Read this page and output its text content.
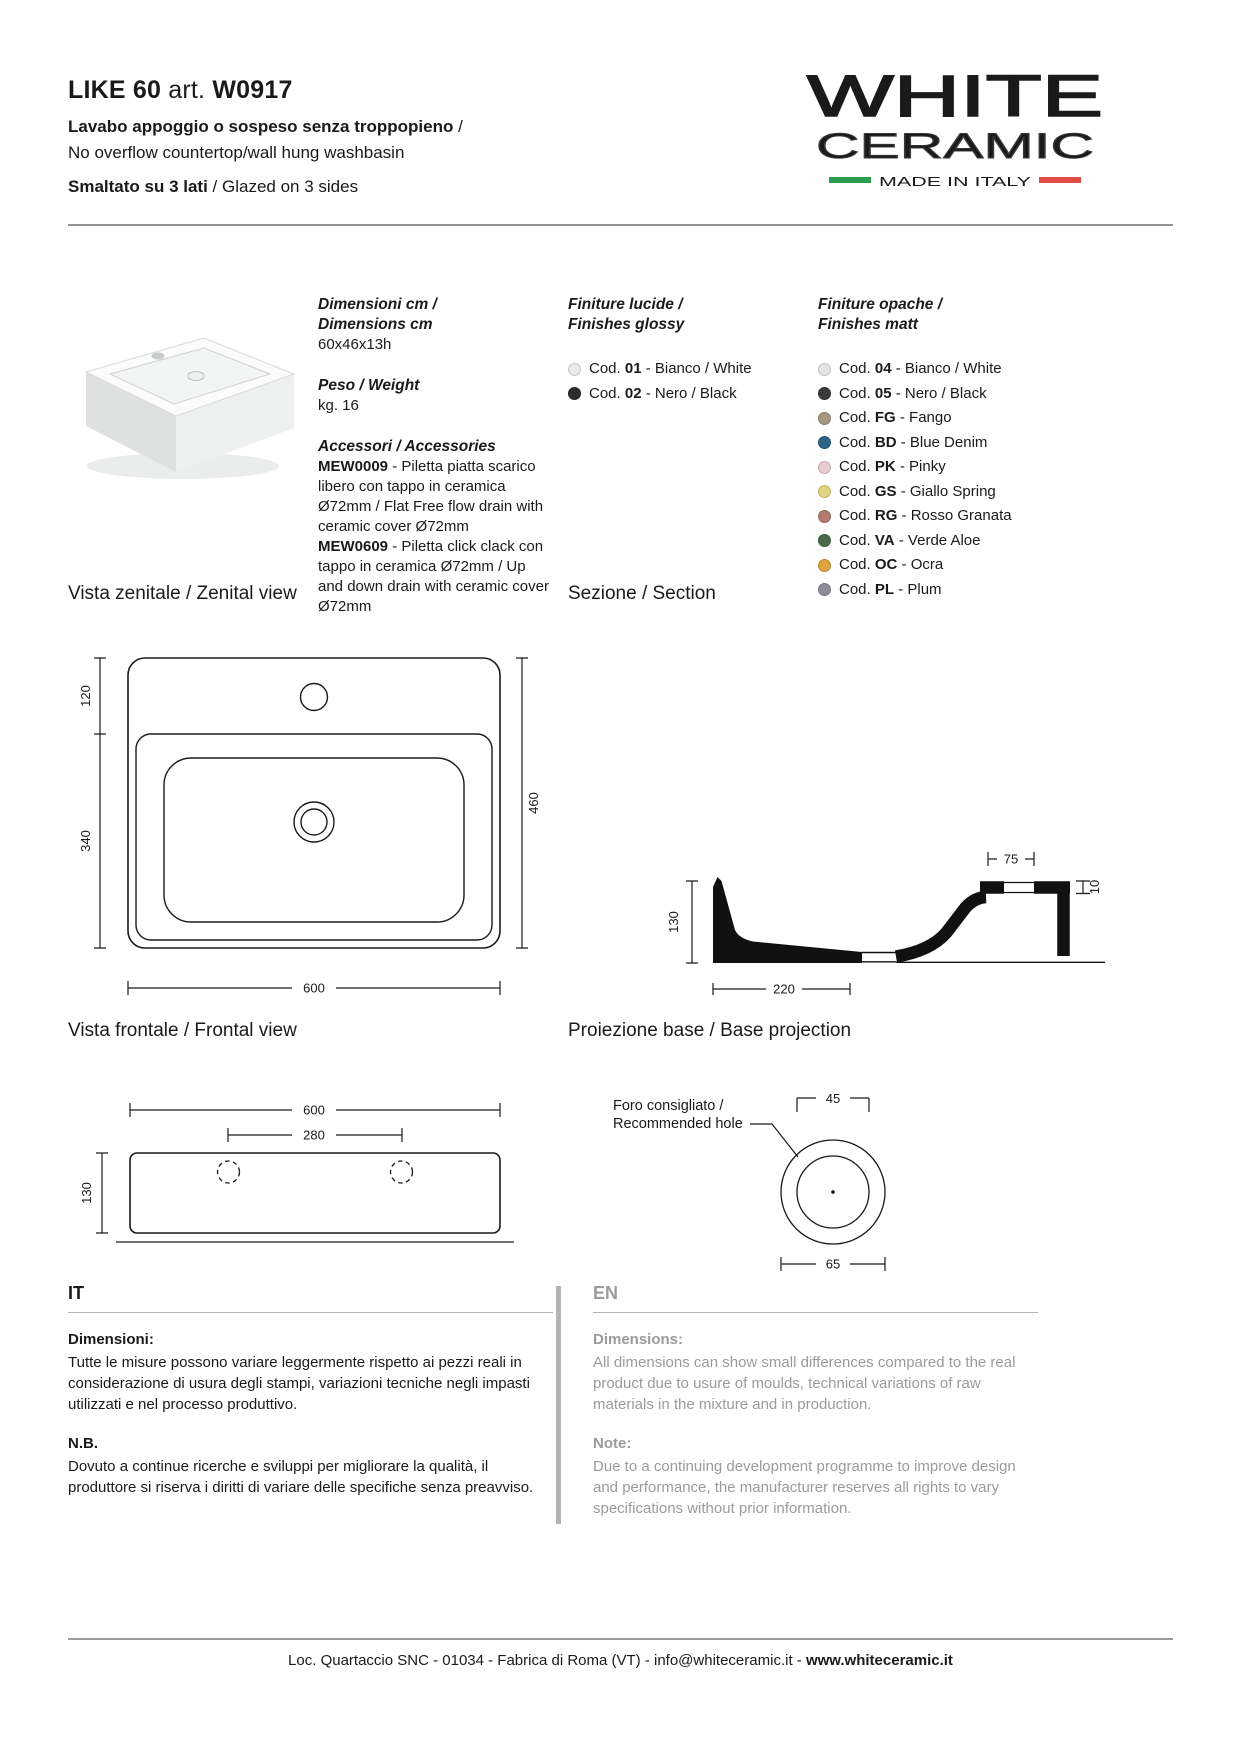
LIKE 60 art. W0917
Lavabo appoggio o sospeso senza troppopieno /
No overflow countertop/wall hung washbasin
Smaltato su 3 lati / Glazed on 3 sides
WHITE
CERAMIC
MADE IN ITALY
Dimensioni cm /
Dimensions cm
60x46x13h
Peso / Weight
kg. 16
Accessori / Accessories
MEW0009 - Piletta piatta scarico libero con tappo in ceramica Ø72mm / Flat Free flow drain with ceramic cover Ø72mm
MEW0609 - Piletta click clack con tappo in ceramica Ø72mm / Up and down drain with ceramic cover Ø72mm

Finiture lucide /
Finishes glossy

Cod. 01 - Bianco / White
Cod. 02 - Nero / Black

Finiture opache /
Finishes matt

Cod. 04 - Bianco / White
Cod. 05 - Nero / Black
Cod. FG - Fango
Cod. BD - Blue Denim
Cod. PK - Pinky
Cod. GS - Giallo Spring
Cod. RG - Rosso Granata
Cod. VA - Verde Aloe
Cod. OC - Ocra
Cod. PL - Plum
Vista zenitale / Zenital view	Sezione / Section
120
340
460
600
130
220
75
10
Vista frontale / Frontal view	Proiezione base / Base projection
600
280
130
Foro consigliato /
Recommended hole
45
65
IT

Dimensioni:

Tutte le misure possono variare leggermente rispetto ai pezzi reali in considerazione di usura degli stampi, variazioni tecniche negli impasti utilizzati e nel processo produttivo.

N.B.

Dovuto a continue ricerche e sviluppi per migliorare la qualità, il produttore si riserva i diritti di variare delle specifiche senza preavviso.

EN

Dimensions:

All dimensions can show small differences compared to the real product due to usure of moulds, technical variations of raw materials in the mixture and in production.

Note:

Due to a continuing development programme to improve design and performance, the manufacturer reserves all rights to vary specifications without prior information.

Loc. Quartaccio SNC - 01034 - Fabrica di Roma (VT) - info@whiteceramic.it - www.whiteceramic.it
